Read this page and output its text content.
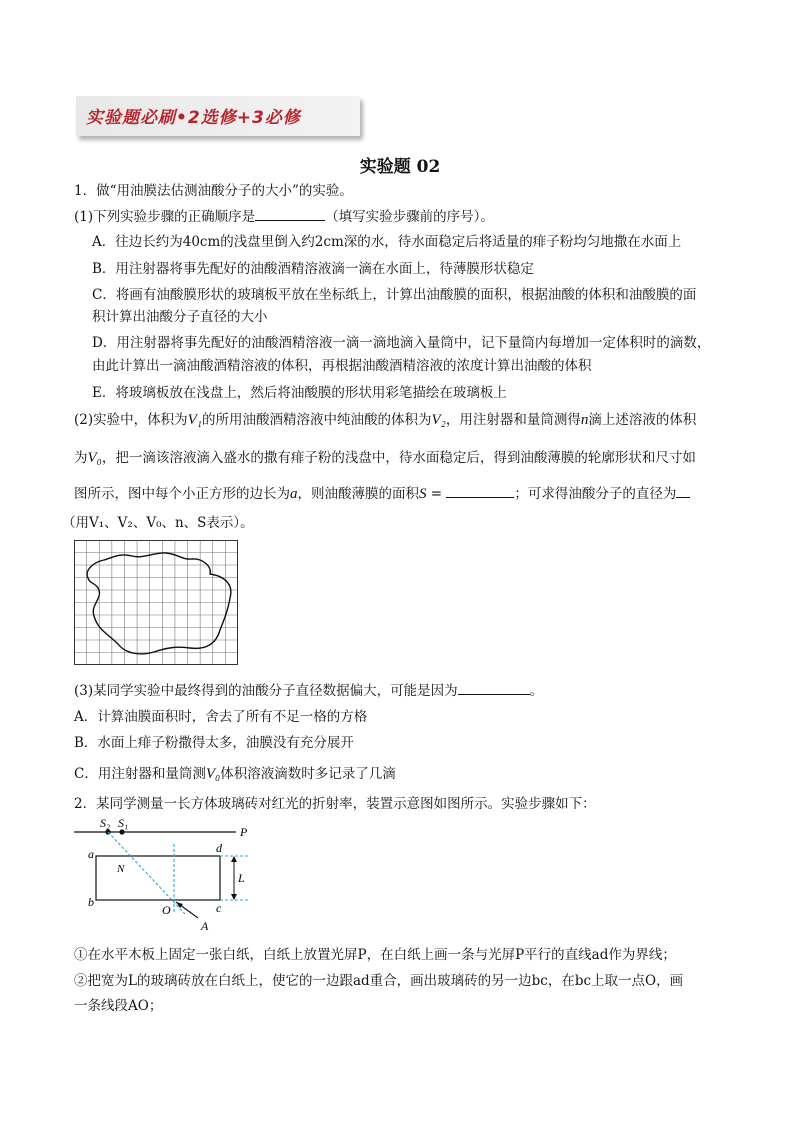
实验题必刷•2选修+3必修
实验题 02
1．做“用油膜法估测油酸分子的大小”的实验。
(1)下列实验步骤的正确顺序是	（填写实验步骤前的序号）。
A．往边长约为40cm的浅盘里倒入约2cm深的水，待水面稳定后将适量的痱子粉均匀地撒在水面上
B．用注射器将事先配好的油酸酒精溶液滴一滴在水面上，待薄膜形状稳定
C．将画有油酸膜形状的玻璃板平放在坐标纸上，计算出油酸膜的面积，根据油酸的体积和油酸膜的面
积计算出油酸分子直径的大小
D．用注射器将事先配好的油酸酒精溶液一滴一滴地滴入量筒中，记下量筒内每增加一定体积时的滴数，
由此计算出一滴油酸酒精溶液的体积，再根据油酸酒精溶液的浓度计算出油酸的体积
E．将玻璃板放在浅盘上，然后将油酸膜的形状用彩笔描绘在玻璃板上
(2)实验中，体积为V₁的所用油酸酒精溶液中纯油酸的体积为V₂，用注射器和量筒测得n滴上述溶液的体积
为V₀，把一滴该溶液滴入盛水的撒有痱子粉的浅盘中，待水面稳定后，得到油酸薄膜的轮廓形状和尺寸如
图所示，图中每个小正方形的边长为a，则油酸薄膜的面积S =	；可求得油酸分子的直径为
（用V₁、V₂、V₀、n、S表示）。
(3)某同学实验中最终得到的油酸分子直径数据偏大，可能是因为	。
A．计算油膜面积时，舍去了所有不足一格的方格
B．水面上痱子粉撒得太多，油膜没有充分展开
C．用注射器和量筒测V₀体积溶液滴数时多记录了几滴
2．某同学测量一长方体玻璃砖对红光的折射率，装置示意图如图所示。实验步骤如下：
S₂ S₁
P
a	d
N
L
b
O	c
A
①在水平木板上固定一张白纸，白纸上放置光屏P，在白纸上画一条与光屏P平行的直线ad作为界线；
②把宽为L的玻璃砖放在白纸上，使它的一边跟ad重合，画出玻璃砖的另一边bc，在bc上取一点O，画
一条线段AO；
